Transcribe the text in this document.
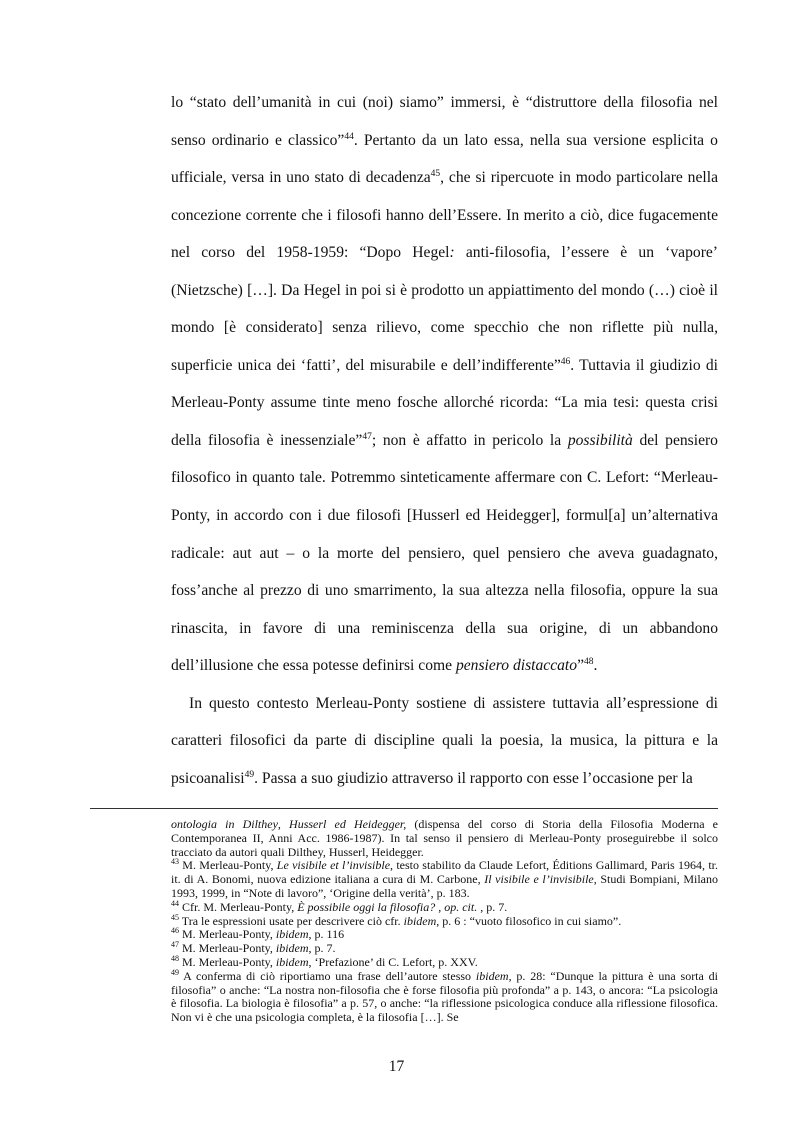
lo “stato dell’umanità in cui (noi) siamo” immersi, è “distruttore della filosofia nel senso ordinario e classico”$^{44}$. Pertanto da un lato essa, nella sua versione esplicita o ufficiale, versa in uno stato di decadenza$^{45}$, che si ripercuote in modo particolare nella concezione corrente che i filosofi hanno dell’Essere. In merito a ciò, dice fugacemente nel corso del 1958-1959: “Dopo Hegel: anti-filosofia, l’essere è un ‘vapore’ (Nietzsche) […]. Da Hegel in poi si è prodotto un appiattimento del mondo (…) cioè il mondo [è considerato] senza rilievo, come specchio che non riflette più nulla, superficie unica dei ‘fatti’, del misurabile e dell’indifferente”$^{46}$. Tuttavia il giudizio di Merleau-Ponty assume tinte meno fosche allorché ricorda: “La mia tesi: questa crisi della filosofia è inessenziale”$^{47}$; non è affatto in pericolo la possibilità del pensiero filosofico in quanto tale. Potremmo sinteticamente affermare con C. Lefort: “Merleau-Ponty, in accordo con i due filosofi [Husserl ed Heidegger], formul[a] un’alternativa radicale: aut aut – o la morte del pensiero, quel pensiero che aveva guadagnato, foss’anche al prezzo di uno smarrimento, la sua altezza nella filosofia, oppure la sua rinascita, in favore di una reminiscenza della sua origine, di un abbandono dell’illusione che essa potesse definirsi come pensiero distaccato”$^{48}$.

In questo contesto Merleau-Ponty sostiene di assistere tuttavia all’espressione di caratteri filosofici da parte di discipline quali la poesia, la musica, la pittura e la psicoanalisi$^{49}$. Passa a suo giudizio attraverso il rapporto con esse l’occasione per la

ontologia in Dilthey, Husserl ed Heidegger, (dispensa del corso di Storia della Filosofia Moderna e Contemporanea II, Anni Acc. 1986-1987). In tal senso il pensiero di Merleau-Ponty proseguirebbe il solco tracciato da autori quali Dilthey, Husserl, Heidegger.

$^{43}$ M. Merleau-Ponty, Le visibile et l’invisible, testo stabilito da Claude Lefort, Éditions Gallimard, Paris 1964, tr. it. di A. Bonomi, nuova edizione italiana a cura di M. Carbone, Il visibile e l’invisibile, Studi Bompiani, Milano 1993, 1999, in “Note di lavoro”, ‘Origine della verità’, p. 183.

$^{44}$ Cfr. M. Merleau-Ponty, È possibile oggi la filosofia? , op. cit. , p. 7.

$^{45}$ Tra le espressioni usate per descrivere ciò cfr. ibidem, p. 6 : “vuoto filosofico in cui siamo”.

$^{46}$ M. Merleau-Ponty, ibidem, p. 116

$^{47}$ M. Merleau-Ponty, ibidem, p. 7.

$^{48}$ M. Merleau-Ponty, ibidem, ‘Prefazione’ di C. Lefort, p. XXV.

$^{49}$ A conferma di ciò riportiamo una frase dell’autore stesso ibidem, p. 28: “Dunque la pittura è una sorta di filosofia” o anche: “La nostra non-filosofia che è forse filosofia più profonda” a p. 143, o ancora: “La psicologia è filosofia. La biologia è filosofia” a p. 57, o anche: “la riflessione psicologica conduce alla riflessione filosofica. Non vi è che una psicologia completa, è la filosofia […]. Se

17
